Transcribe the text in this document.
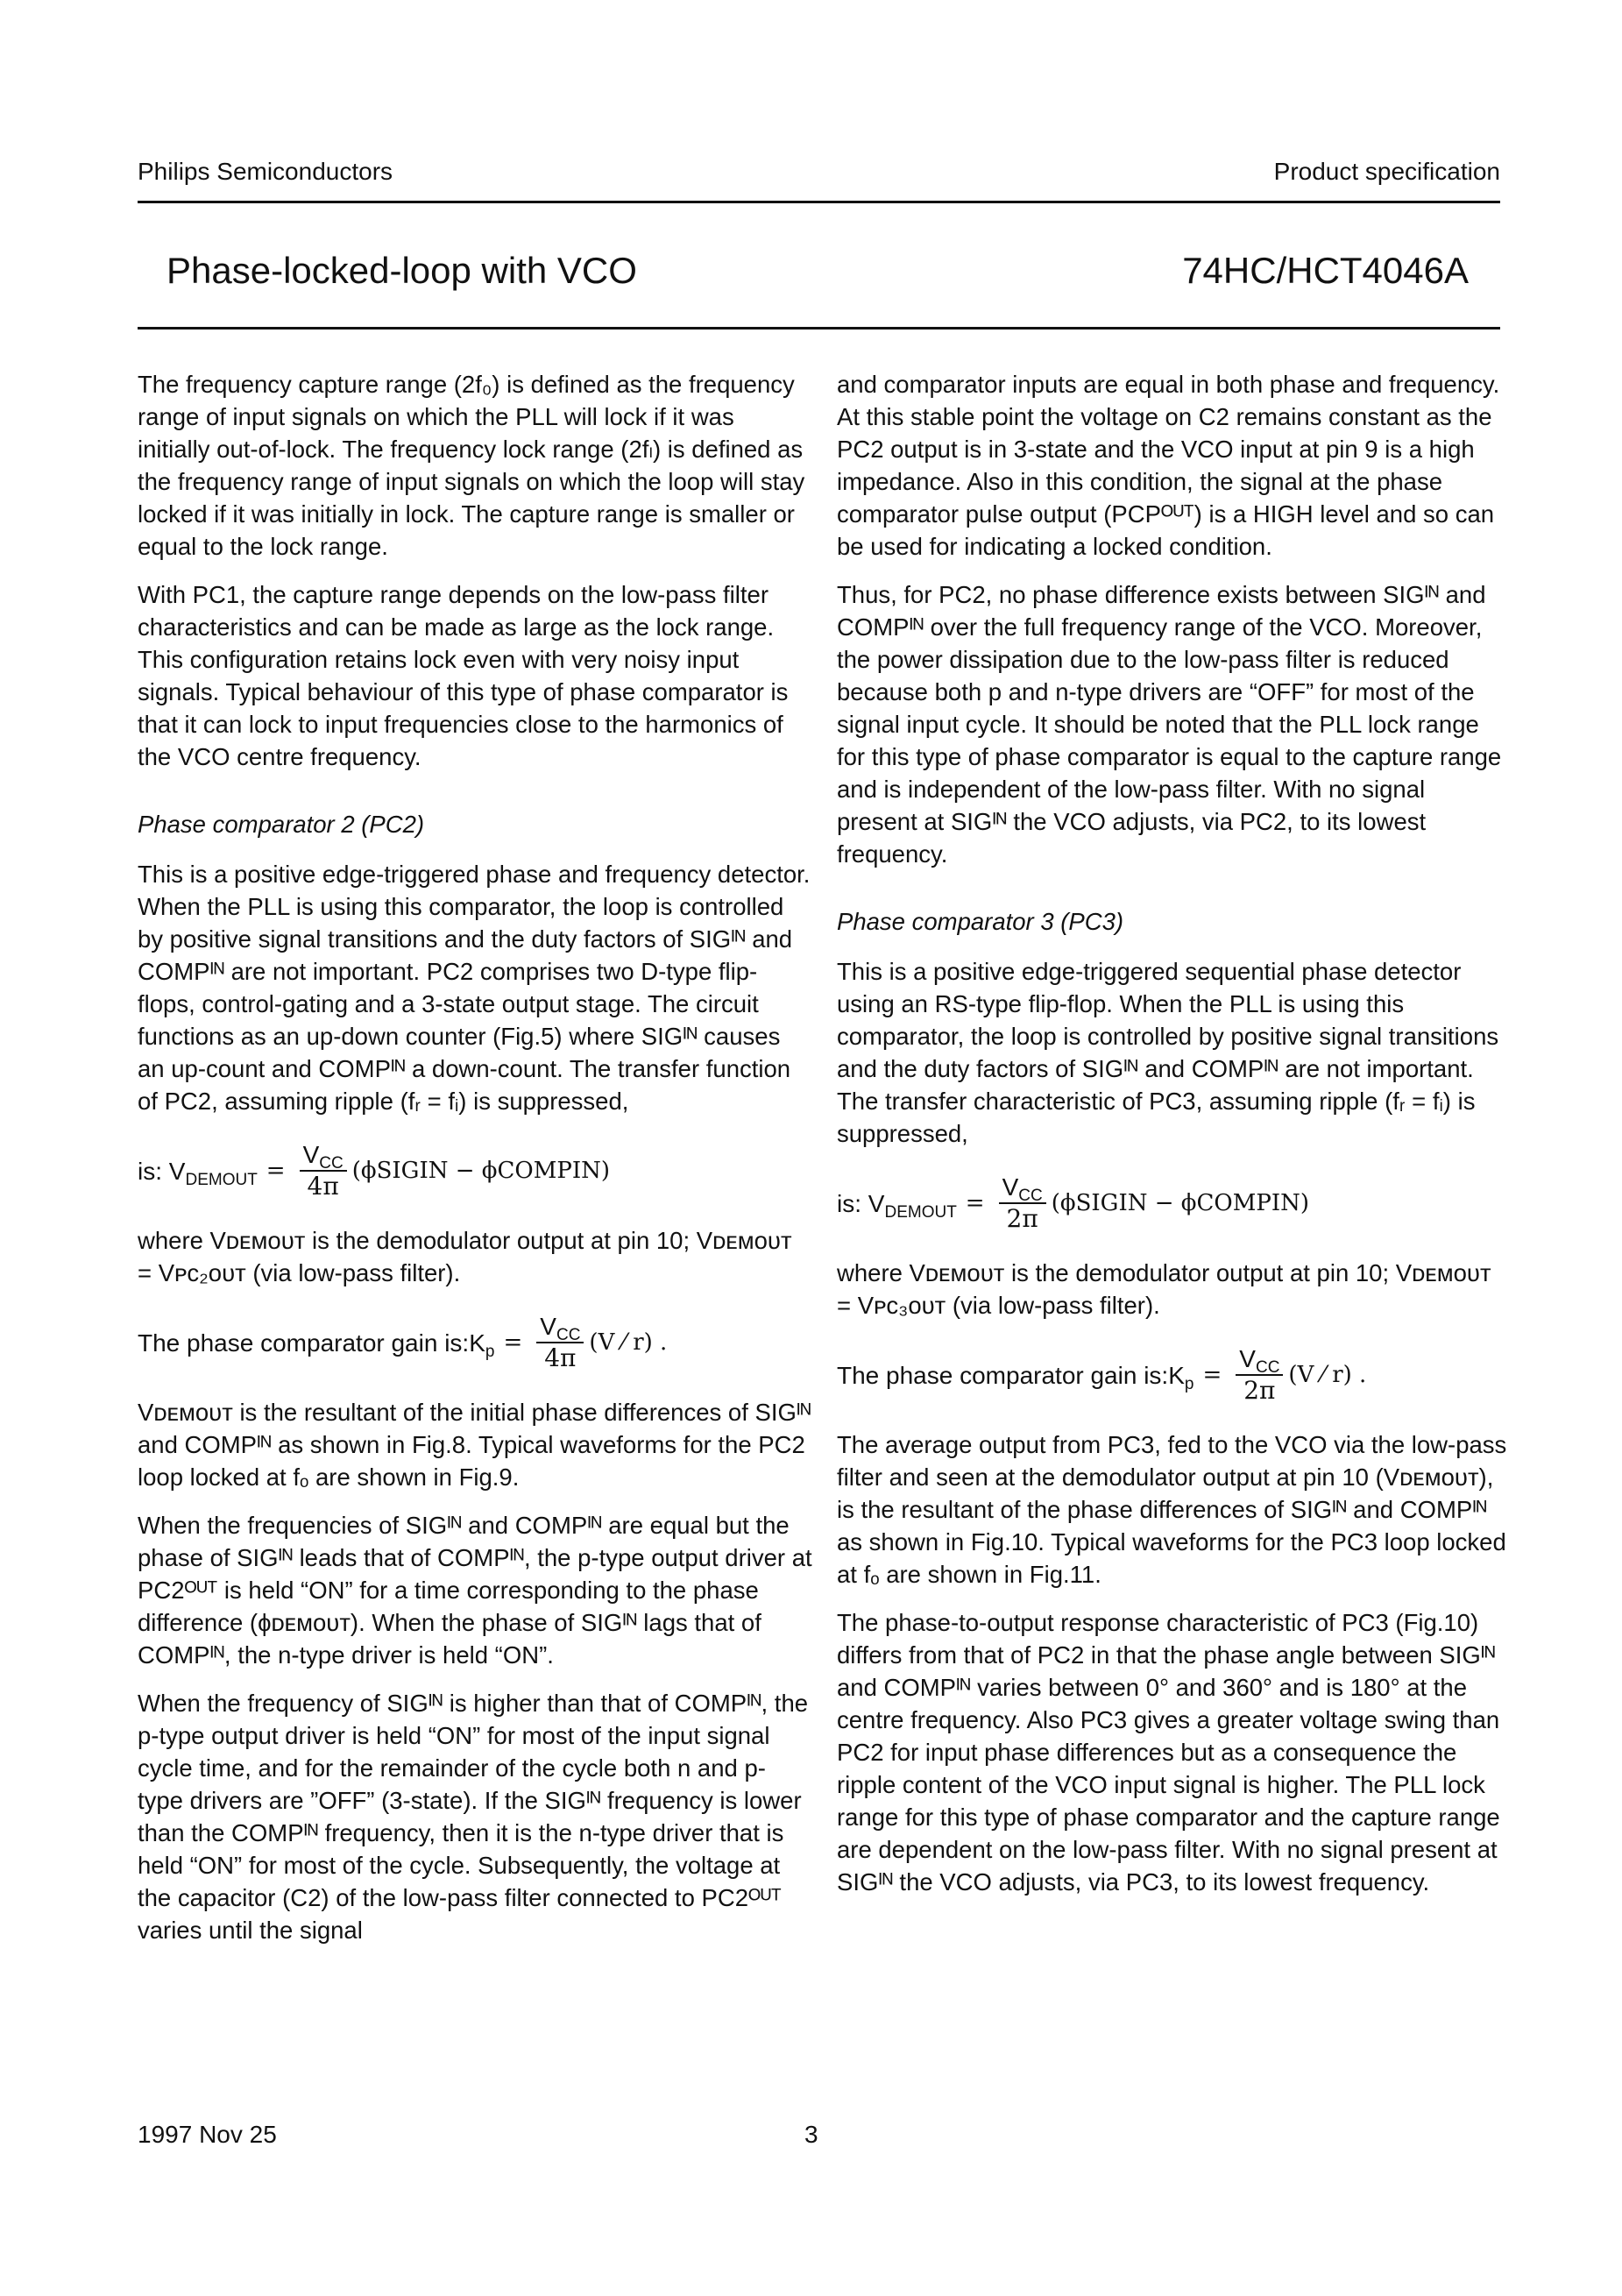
Philips Semiconductors	Product specification
Phase-locked-loop with VCO	74HC/HCT4046A

The frequency capture range (2f₀) is defined as the frequency range of input signals on which the PLL will lock if it was initially out-of-lock. The frequency lock range (2fₗ) is defined as the frequency range of input signals on which the loop will stay locked if it was initially in lock. The capture range is smaller or equal to the lock range.

With PC1, the capture range depends on the low-pass filter characteristics and can be made as large as the lock range.

This configuration retains lock even with very noisy input signals. Typical behaviour of this type of phase comparator is that it can lock to input frequencies close to the harmonics of the VCO centre frequency.

Phase comparator 2 (PC2)

This is a positive edge-triggered phase and frequency detector. When the PLL is using this comparator, the loop is controlled by positive signal transitions and the duty factors of SIGᴵᴺ and COMPᴵᴺ are not important. PC2 comprises two D-type flip-flops, control-gating and a 3-state output stage. The circuit functions as an up-down counter (Fig.5) where SIGᴵᴺ causes an up-count and COMPᴵᴺ a down-count. The transfer function of PC2, assuming ripple (fᵣ = fᵢ) is suppressed,

is:
$V_{DEMOUT} = \frac{V_{CC}}{4\pi}$ (ϕSIGIN − ϕCOMPIN)

where Vᴅᴇᴍᴏᴜᴛ is the demodulator output at pin 10; Vᴅᴇᴍᴏᴜᴛ = Vᴘᴄ₂ᴏᴜᴛ (via low-pass filter).

The phase comparator gain is: $K_p = \frac{V_{CC}}{4\pi} (V$ ⁄ r) .

Vᴅᴇᴍᴏᴜᴛ is the resultant of the initial phase differences of SIGᴵᴺ and COMPᴵᴺ as shown in Fig.8. Typical waveforms for the PC2 loop locked at fₒ are shown in Fig.9.

When the frequencies of SIGᴵᴺ and COMPᴵᴺ are equal but the phase of SIGᴵᴺ leads that of COMPᴵᴺ, the p-type output driver at PC2ᴼᵁᵀ is held “ON” for a time corresponding to the phase difference (ϕᴅᴇᴍᴏᴜᴛ). When the phase of SIGᴵᴺ lags that of COMPᴵᴺ, the n-type driver is held “ON”.

When the frequency of SIGᴵᴺ is higher than that of COMPᴵᴺ, the p-type output driver is held “ON” for most of the input signal cycle time, and for the remainder of the cycle both n and p- type drivers are ”OFF” (3-state). If the SIGᴵᴺ frequency is lower than the COMPᴵᴺ frequency, then it is the n-type driver that is held “ON” for most of the cycle. Subsequently, the voltage at the capacitor (C2) of the low-pass filter connected to PC2ᴼᵁᵀ varies until the signal

and comparator inputs are equal in both phase and frequency. At this stable point the voltage on C2 remains constant as the PC2 output is in 3-state and the VCO input at pin 9 is a high impedance. Also in this condition, the signal at the phase comparator pulse output (PCPᴼᵁᵀ) is a HIGH level and so can be used for indicating a locked condition.

Thus, for PC2, no phase difference exists between SIGᴵᴺ and COMPᴵᴺ over the full frequency range of the VCO. Moreover, the power dissipation due to the low-pass filter is reduced because both p and n-type drivers are “OFF” for most of the signal input cycle. It should be noted that the PLL lock range for this type of phase comparator is equal to the capture range and is independent of the low-pass filter. With no signal present at SIGᴵᴺ the VCO adjusts, via PC2, to its lowest frequency.

Phase comparator 3 (PC3)

This is a positive edge-triggered sequential phase detector using an RS-type flip-flop. When the PLL is using this comparator, the loop is controlled by positive signal transitions and the duty factors of SIGᴵᴺ and COMPᴵᴺ are not important. The transfer characteristic of PC3, assuming ripple (fᵣ = fᵢ) is suppressed,

is:
$V_{DEMOUT} = \frac{V_{CC}}{2\pi}$ (ϕSIGIN − ϕCOMPIN)

where Vᴅᴇᴍᴏᴜᴛ is the demodulator output at pin 10; Vᴅᴇᴍᴏᴜᴛ = Vᴘᴄ₃ᴏᴜᴛ (via low-pass filter).

The phase comparator gain is: $K_p = \frac{V_{CC}}{2\pi} (V$ ⁄ r) .

The average output from PC3, fed to the VCO via the low-pass filter and seen at the demodulator output at pin 10 (Vᴅᴇᴍᴏᴜᴛ), is the resultant of the phase differences of SIGᴵᴺ and COMPᴵᴺ as shown in Fig.10. Typical waveforms for the PC3 loop locked at fₒ are shown in Fig.11.

The phase-to-output response characteristic of PC3 (Fig.10) differs from that of PC2 in that the phase angle between SIGᴵᴺ and COMPᴵᴺ varies between 0° and 360° and is 180° at the centre frequency. Also PC3 gives a greater voltage swing than PC2 for input phase differences but as a consequence the ripple content of the VCO input signal is higher. The PLL lock range for this type of phase comparator and the capture range are dependent on the low-pass filter. With no signal present at SIGᴵᴺ the VCO adjusts, via PC3, to its lowest frequency.

1997 Nov 25	3
